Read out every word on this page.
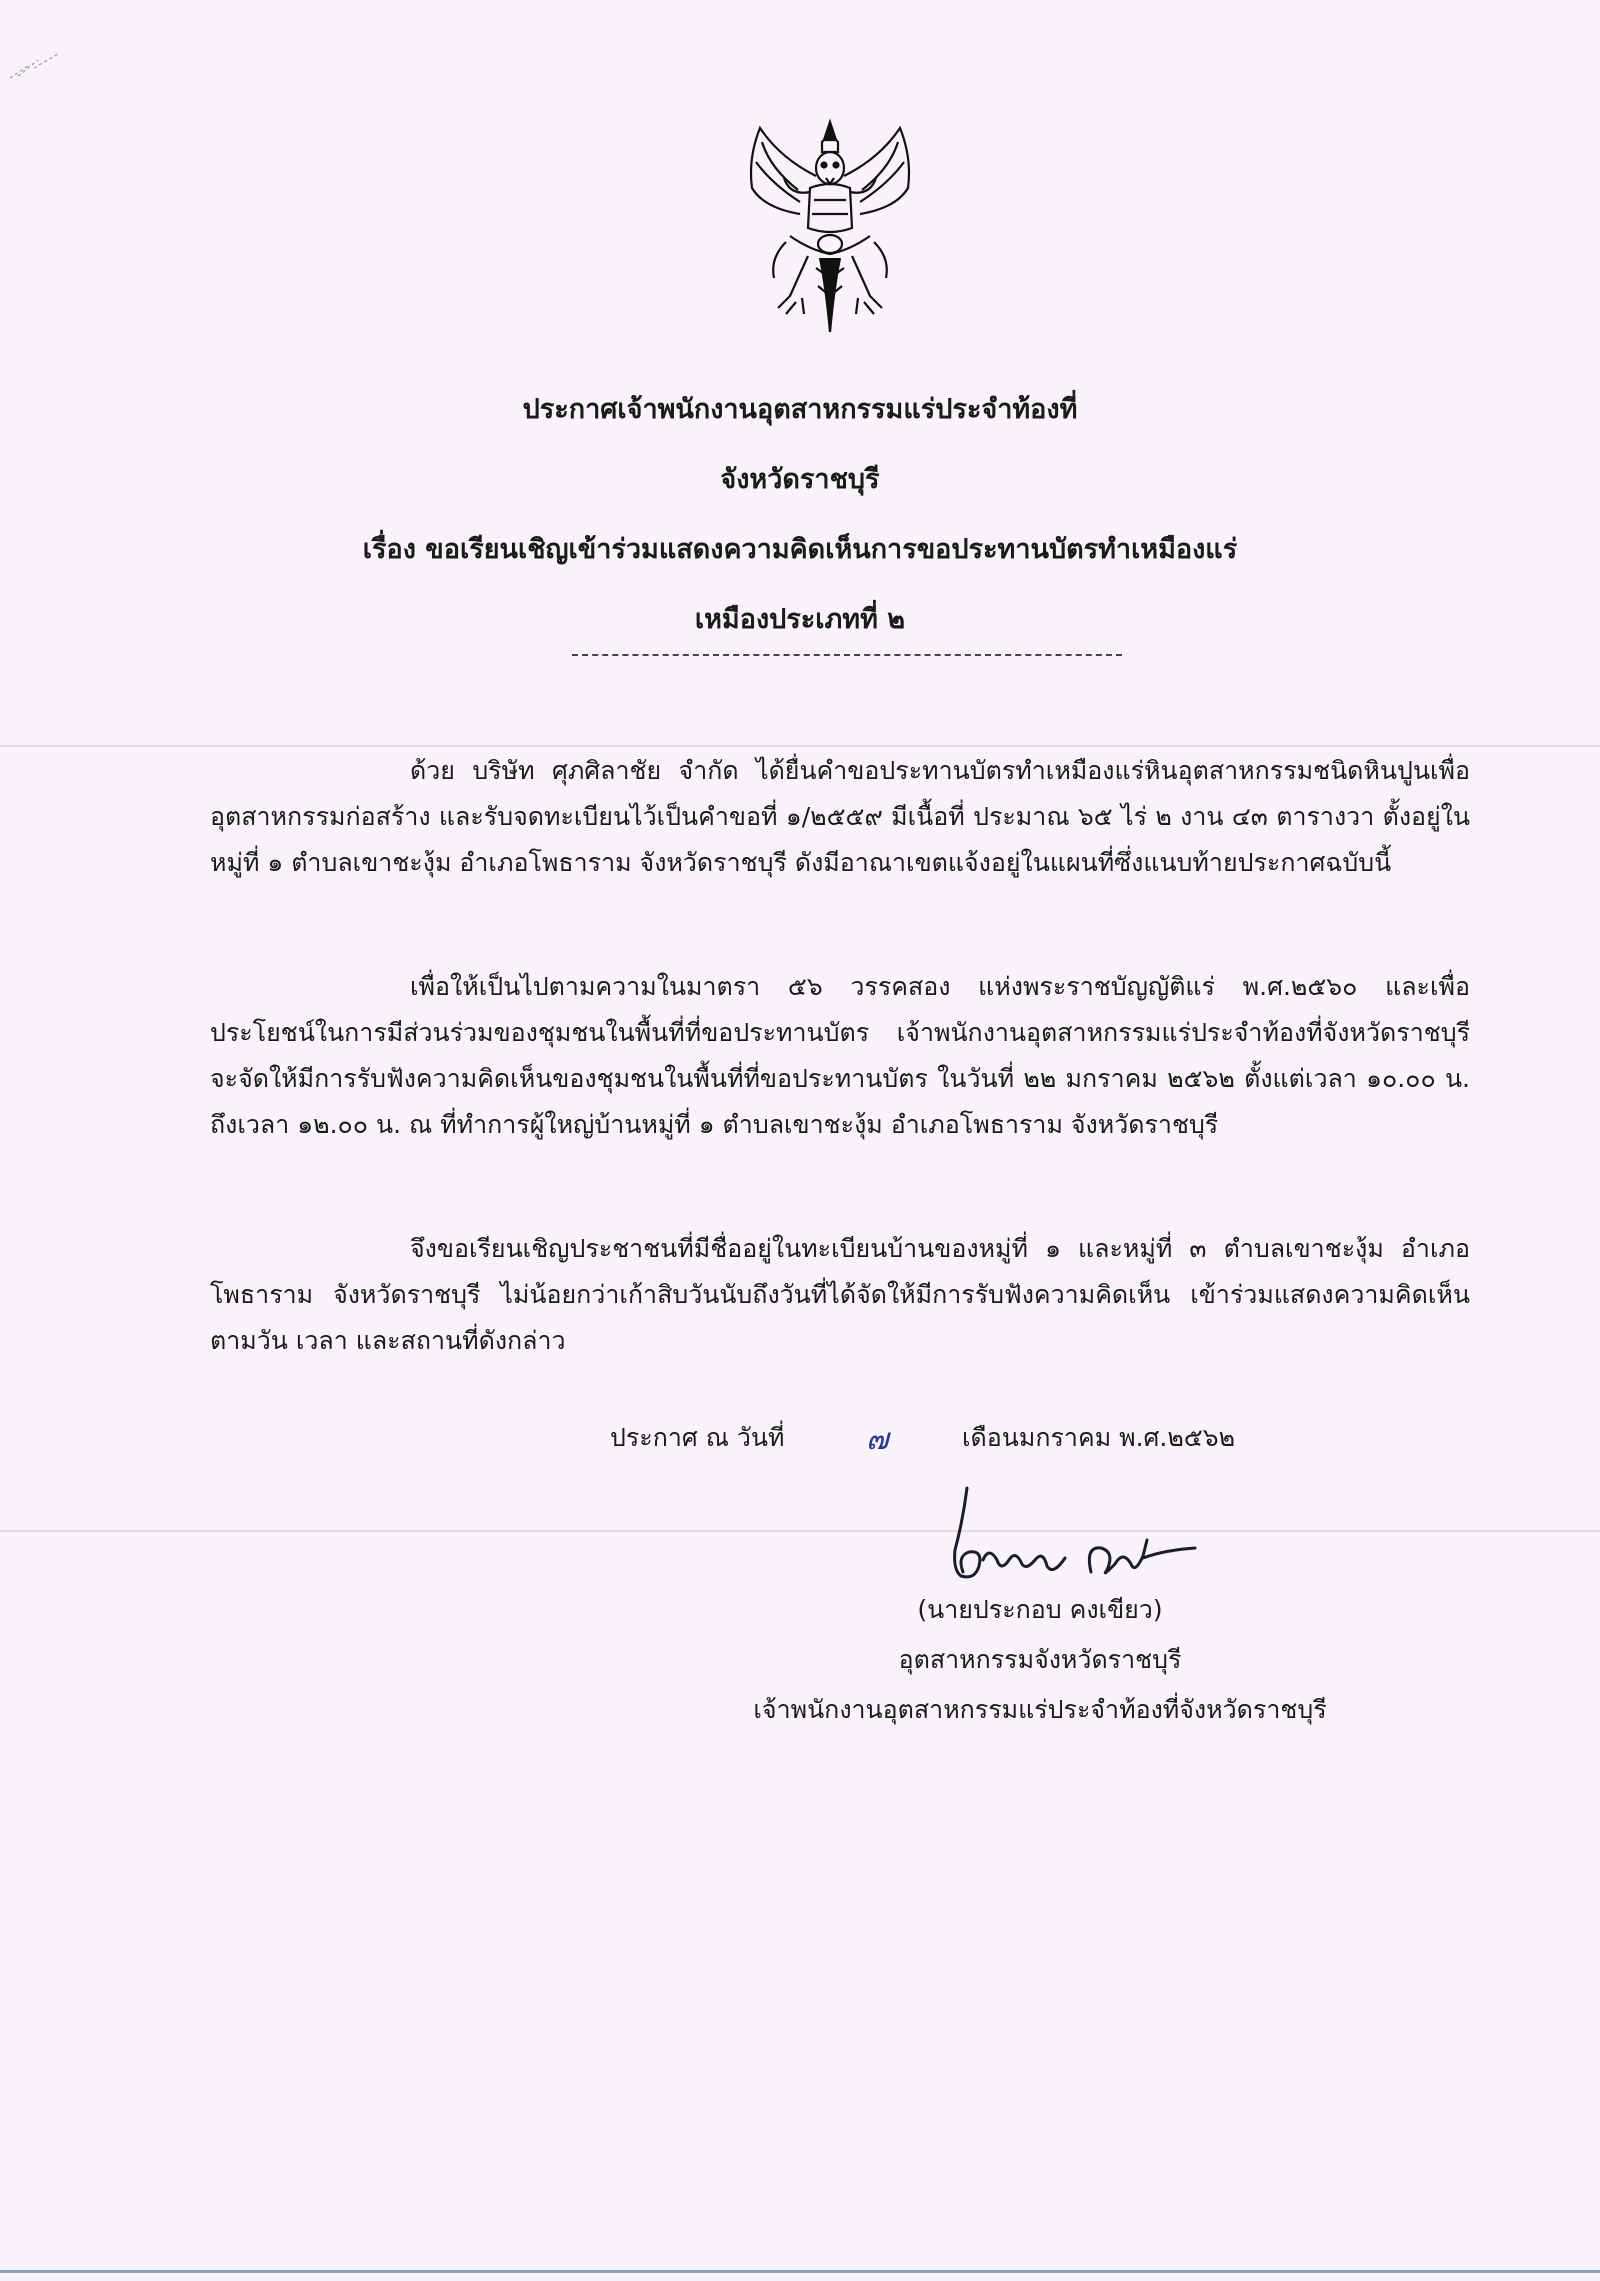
ประกาศเจ้าพนักงานอุตสาหกรรมแร่ประจำท้องที่
จังหวัดราชบุรี
เรื่อง ขอเรียนเชิญเข้าร่วมแสดงความคิดเห็นการขอประทานบัตรทำเหมืองแร่
เหมืองประเภทที่ ๒
ด้วย บริษัท ศุภศิลาชัย จำกัด ได้ยื่นคำขอประทานบัตรทำเหมืองแร่หินอุตสาหกรรมชนิดหินปูนเพื่ออุตสาหกรรมก่อสร้าง และรับจดทะเบียนไว้เป็นคำขอที่ ๑/๒๕๕๙ มีเนื้อที่ ประมาณ ๖๕ ไร่ ๒ งาน ๔๓ ตารางวา ตั้งอยู่ในหมู่ที่ ๑ ตำบลเขาชะงุ้ม อำเภอโพธาราม จังหวัดราชบุรี ดังมีอาณาเขตแจ้งอยู่ในแผนที่ซึ่งแนบท้ายประกาศฉบับนี้
เพื่อให้เป็นไปตามความในมาตรา ๕๖ วรรคสอง แห่งพระราชบัญญัติแร่ พ.ศ.๒๕๖๐ และเพื่อประโยชน์ในการมีส่วนร่วมของชุมชนในพื้นที่ที่ขอประทานบัตร เจ้าพนักงานอุตสาหกรรมแร่ประจำท้องที่จังหวัดราชบุรี จะจัดให้มีการรับฟังความคิดเห็นของชุมชนในพื้นที่ที่ขอประทานบัตร ในวันที่ ๒๒ มกราคม ๒๕๖๒ ตั้งแต่เวลา ๑๐.๐๐ น. ถึงเวลา ๑๒.๐๐ น. ณ ที่ทำการผู้ใหญ่บ้านหมู่ที่ ๑ ตำบลเขาชะงุ้ม อำเภอโพธาราม จังหวัดราชบุรี
จึงขอเรียนเชิญประชาชนที่มีชื่ออยู่ในทะเบียนบ้านของหมู่ที่ ๑ และหมู่ที่ ๓ ตำบลเขาชะงุ้ม อำเภอโพธาราม จังหวัดราชบุรี ไม่น้อยกว่าเก้าสิบวันนับถึงวันที่ได้จัดให้มีการรับฟังความคิดเห็น เข้าร่วมแสดงความคิดเห็นตามวัน เวลา และสถานที่ดังกล่าว
ประกาศ ณ วันที่	๗	เดือนมกราคม พ.ศ.๒๕๖๒
(นายประกอบ คงเขียว)
อุตสาหกรรมจังหวัดราชบุรี
เจ้าพนักงานอุตสาหกรรมแร่ประจำท้องที่จังหวัดราชบุรี
